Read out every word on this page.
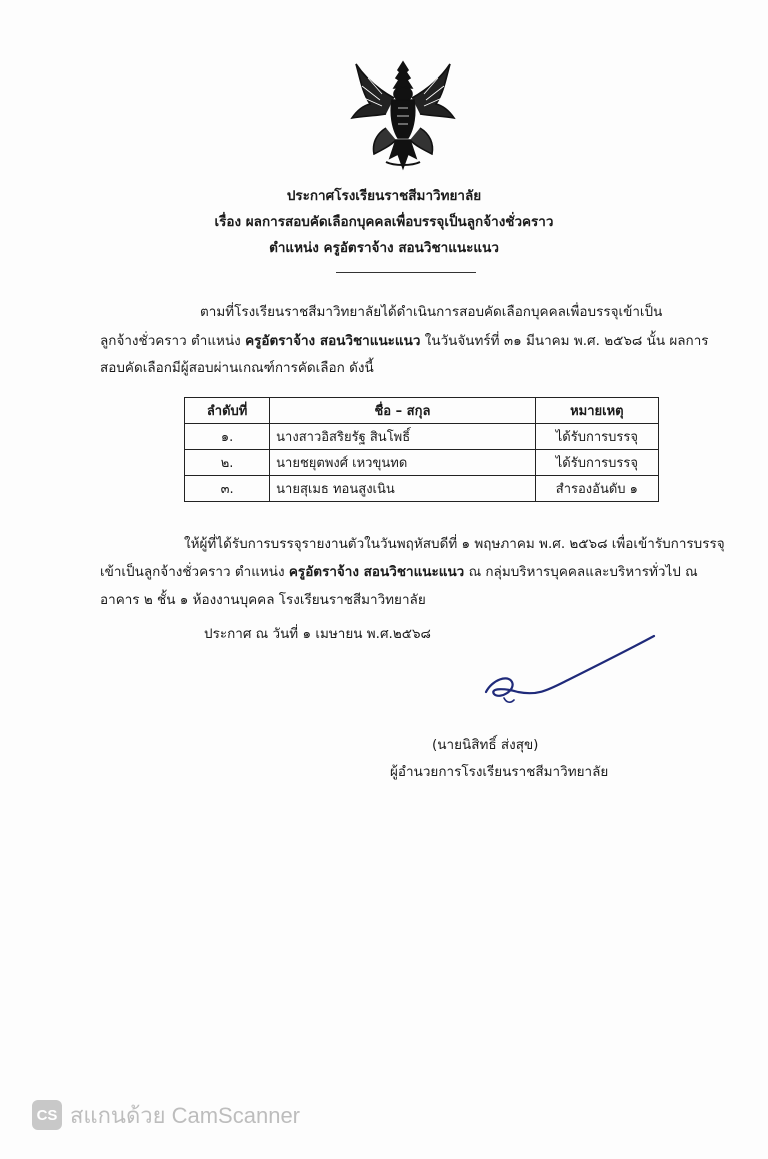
ประกาศโรงเรียนราชสีมาวิทยาลัย
เรื่อง ผลการสอบคัดเลือกบุคคลเพื่อบรรจุเป็นลูกจ้างชั่วคราว
ตำแหน่ง ครูอัตราจ้าง สอนวิชาแนะแนว
ตามที่โรงเรียนราชสีมาวิทยาลัยได้ดำเนินการสอบคัดเลือกบุคคลเพื่อบรรจุเข้าเป็น
ลูกจ้างชั่วคราว ตำแหน่ง ครูอัตราจ้าง สอนวิชาแนะแนว ในวันจันทร์ที่ ๓๑ มีนาคม พ.ศ. ๒๕๖๘ นั้น ผลการ
สอบคัดเลือกมีผู้สอบผ่านเกณฑ์การคัดเลือก ดังนี้
ลำดับที่	ชื่อ – สกุล	หมายเหตุ
๑.	นางสาวอิสริยรัฐ สินโพธิ์	ได้รับการบรรจุ
๒.	นายชยุตพงศ์ เหวขุนทด	ได้รับการบรรจุ
๓.	นายสุเมธ ทอนสูงเนิน	สำรองอันดับ ๑
ให้ผู้ที่ได้รับการบรรจุรายงานตัวในวันพฤหัสบดีที่ ๑ พฤษภาคม พ.ศ. ๒๕๖๘ เพื่อเข้ารับการบรรจุ
เข้าเป็นลูกจ้างชั่วคราว ตำแหน่ง ครูอัตราจ้าง สอนวิชาแนะแนว ณ กลุ่มบริหารบุคคลและบริหารทั่วไป ณ
อาคาร ๒ ชั้น ๑ ห้องงานบุคคล โรงเรียนราชสีมาวิทยาลัย
ประกาศ ณ วันที่ ๑ เมษายน พ.ศ.๒๕๖๘
(นายนิสิทธิ์ ส่งสุข)
ผู้อำนวยการโรงเรียนราชสีมาวิทยาลัย
CS สแกนด้วย CamScanner
